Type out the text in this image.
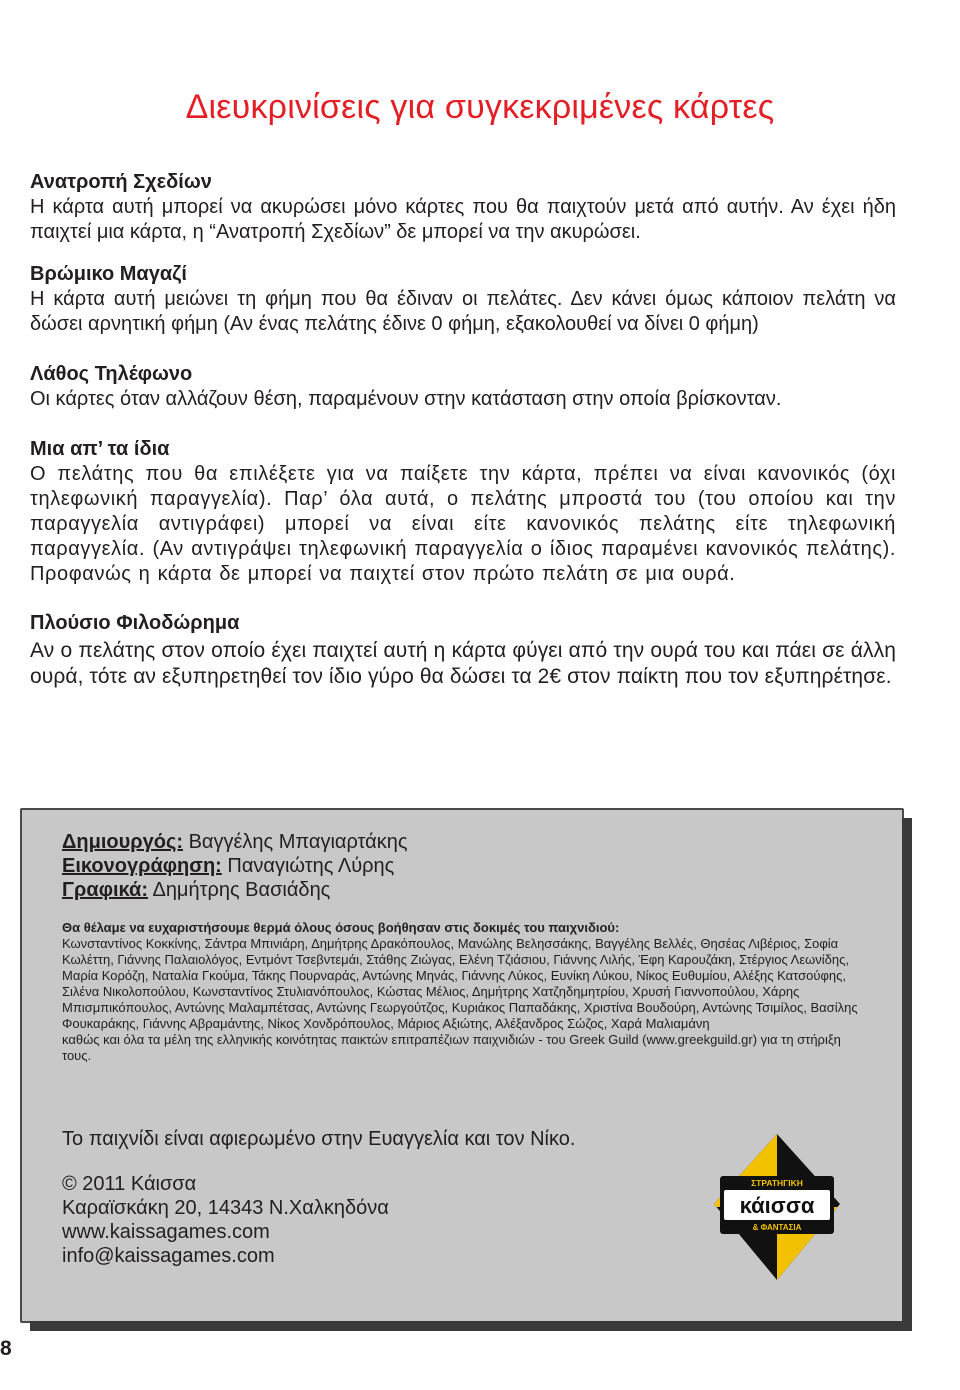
Διευκρινίσεις για συγκεκριμένες κάρτες

Ανατροπή Σχεδίων

Η κάρτα αυτή μπορεί να ακυρώσει μόνο κάρτες που θα παιχτούν μετά από αυτήν. Αν έχει ήδη παιχτεί μια κάρτα, η “Ανατροπή Σχεδίων” δε μπορεί να την ακυρώσει.

Βρώμικο Μαγαζί

Η κάρτα αυτή μειώνει τη φήμη που θα έδιναν οι πελάτες. Δεν κάνει όμως κάποιον πελάτη να δώσει αρνητική φήμη (Αν ένας πελάτης έδινε 0 φήμη, εξακολουθεί να δίνει 0 φήμη)

Λάθος Τηλέφωνο

Οι κάρτες όταν αλλάζουν θέση, παραμένουν στην κατάσταση στην οποία βρίσκονταν.

Μια απ’ τα ίδια

Ο πελάτης που θα επιλέξετε για να παίξετε την κάρτα, πρέπει να είναι κανονικός (όχι τηλεφωνική παραγγελία). Παρ’ όλα αυτά, ο πελάτης μπροστά του (του οποίου και την παραγγελία αντιγράφει) μπορεί να είναι είτε κανονικός πελάτης είτε τηλεφωνική παραγγελία. (Αν αντιγράψει τηλεφωνική παραγγελία ο ίδιος παραμένει κανονικός πελάτης). Προφανώς η κάρτα δε μπορεί να παιχτεί στον πρώτο πελάτη σε μια ουρά.

Πλούσιο Φιλοδώρημα

Αν ο πελάτης στον οποίο έχει παιχτεί αυτή η κάρτα φύγει από την ουρά του και πάει σε άλλη ουρά, τότε αν εξυπηρετηθεί τον ίδιο γύρο θα δώσει τα 2€ στον παίκτη που τον εξυπηρέτησε.

Δημιουργός: Βαγγέλης Μπαγιαρτάκης

Εικονογράφηση: Παναγιώτης Λύρης

Γραφικά: Δημήτρης Βασιάδης

Θα θέλαμε να ευχαριστήσουμε θερμά όλους όσους βοήθησαν στις δοκιμές του παιχνιδιού:

Κωνσταντίνος Κοκκίνης, Σάντρα Μπινιάρη, Δημήτρης Δρακόπουλος, Μανώλης Βελησσάκης, Βαγγέλης Βελλές, Θησέας Λιβέριος, Σοφία Κωλέττη, Γιάννης Παλαιολόγος, Εντμόντ Τσεβντεμάι, Στάθης Ζιώγας, Ελένη Τζιάσιου, Γιάννης Λιλής, Έφη Καρουζάκη, Στέργιος Λεωνίδης, Μαρία Κορόζη, Ναταλία Γκούμα, Τάκης Πουρναράς, Αντώνης Μηνάς, Γιάννης Λύκος, Ευνίκη Λύκου, Νίκος Ευθυμίου, Αλέξης Κατσούφης, Σιλένα Νικολοπούλου, Κωνσταντίνος Στυλιανόπουλος, Κώστας Μέλιος, Δημήτρης Χατζηδημητρίου, Χρυσή Γιαννοπούλου, Χάρης Μπισμπικόπουλος, Αντώνης Μαλαμπέτσας, Αντώνης Γεωργούτζος, Κυριάκος Παπαδάκης, Χριστίνα Βουδούρη, Αντώνης Τσιμίλος, Βασίλης Φουκαράκης, Γιάννης Αβραμάντης, Νίκος Χονδρόπουλος, Μάριος Αξιώτης, Αλέξανδρος Σώζος, Χαρά Μαλιαμάνη

καθώς και όλα τα μέλη της ελληνικής κοινότητας παικτών επιτραπέζιων παιχνιδιών - του Greek Guild (www.greekguild.gr) για τη στήριξη τους.

Το παιχνίδι είναι αφιερωμένο στην Ευαγγελία και τον Νίκο.

© 2011 Κάισσα

Καραϊσκάκη 20, 14343 Ν.Χαλκηδόνα

www.kaissagames.com

info@kaissagames.com

ΣΤΡΑΤΗΓΙΚΗ
κάισσα
& ΦΑΝΤΑΣΙΑ
8
